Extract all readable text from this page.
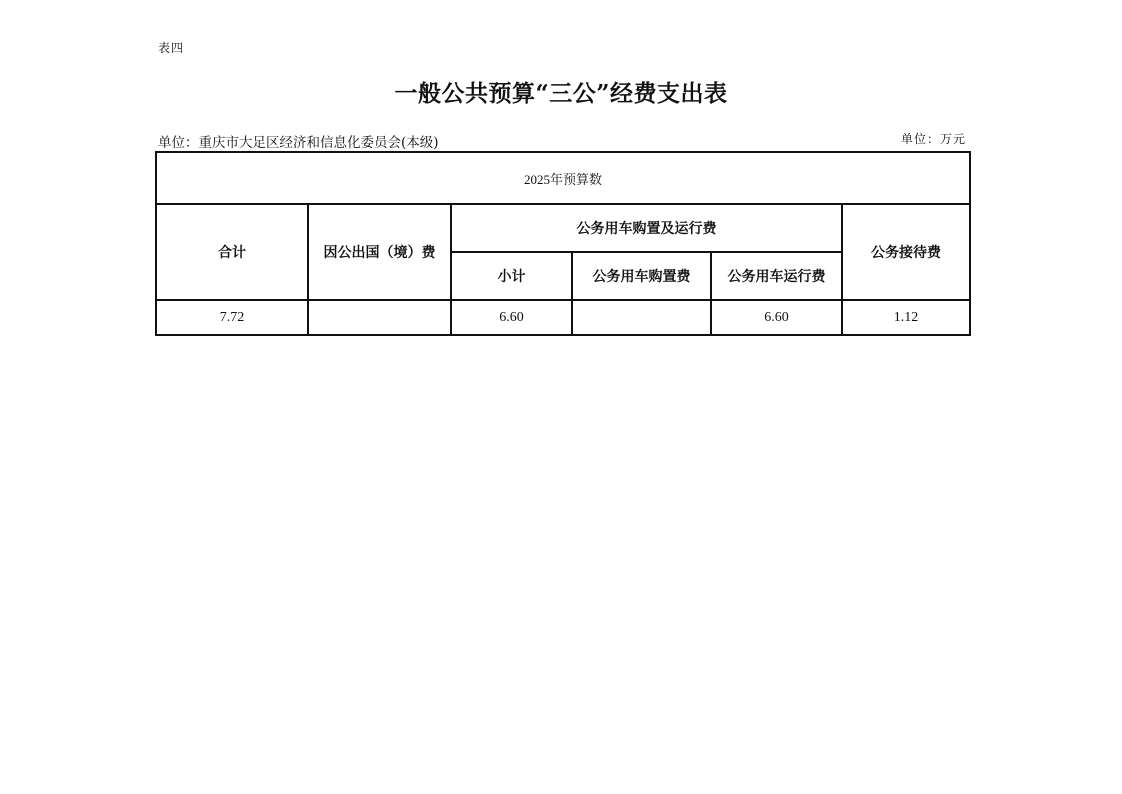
表四
一般公共预算“三公”经费支出表
单位：重庆市大足区经济和信息化委员会(本级)	单位：万元
2025年预算数					
合计	因公出国（境）费	公务用车购置及运行费			公务接待费
		小计	公务用车购置费	公务用车运行费	
7.72		6.60		6.60	1.12
